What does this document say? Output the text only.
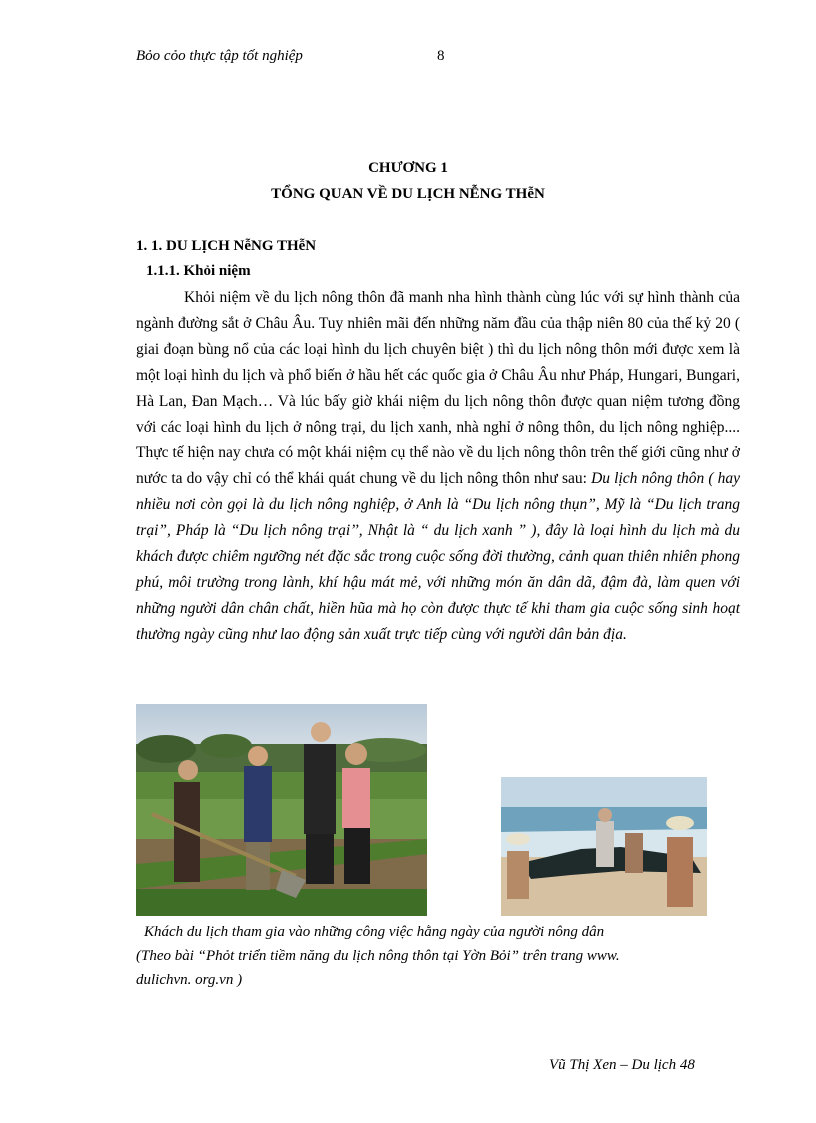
Bỏo cỏo thực tập tốt nghiệp	8
CHƯƠNG 1
TỔNG QUAN VỀ DU LỊCH NỄNG THễN
1. 1. DU LỊCH NễNG THễN
1.1.1. Khỏi niệm

Khỏi niệm về du lịch nông thôn đã manh nha hình thành cùng lúc với sự hình thành của ngành đường sắt ở Châu Âu. Tuy nhiên mãi đến những năm đầu của thập niên 80 của thế kỷ 20 ( giai đoạn bùng nổ của các loại hình du lịch chuyên biệt ) thì du lịch nông thôn mới được xem là một loại hình du lịch và phổ biến ở hầu hết các quốc gia ở Châu Âu như Pháp, Hungari, Bungari, Hà Lan, Đan Mạch… Và lúc bấy giờ khái niệm du lịch nông thôn được quan niệm tương đồng với các loại hình du lịch ở nông trại, du lịch xanh, nhà nghỉ ở nông thôn, du lịch nông nghiệp.... Thực tế hiện nay chưa có một khái niệm cụ thể nào về du lịch nông thôn trên thế giới cũng như ở nước ta do vậy chỉ có thể khái quát chung về du lịch nông thôn như sau: Du lịch nông thôn ( hay nhiều nơi còn gọi là du lịch nông nghiệp, ở Anh là “Du lịch nông thụn”, Mỹ là “Du lịch trang trại”, Pháp là “Du lịch nông trại’’, Nhật là “ du lịch xanh ” ), đây là loại hình du lịch mà du khách được chiêm ngưỡng nét đặc sắc trong cuộc sống đời thường, cảnh quan thiên nhiên phong phú, môi trường trong lành, khí hậu mát mẻ, với những món ăn dân dã, đậm đà, làm quen với những người dân chân chất, hiền hũa mà họ còn được thực tế khi tham gia cuộc sống sinh hoạt thường ngày cũng như lao động sản xuất trực tiếp cùng với người dân bản địa.

Khách du lịch tham gia vào những công việc hằng ngày của người nông dân
(Theo bài “Phỏt triển tiềm năng du lịch nông thôn tại Yờn Bỏi” trên trang www.
dulichvn. org.vn )
Vũ Thị Xen – Du lịch 48
